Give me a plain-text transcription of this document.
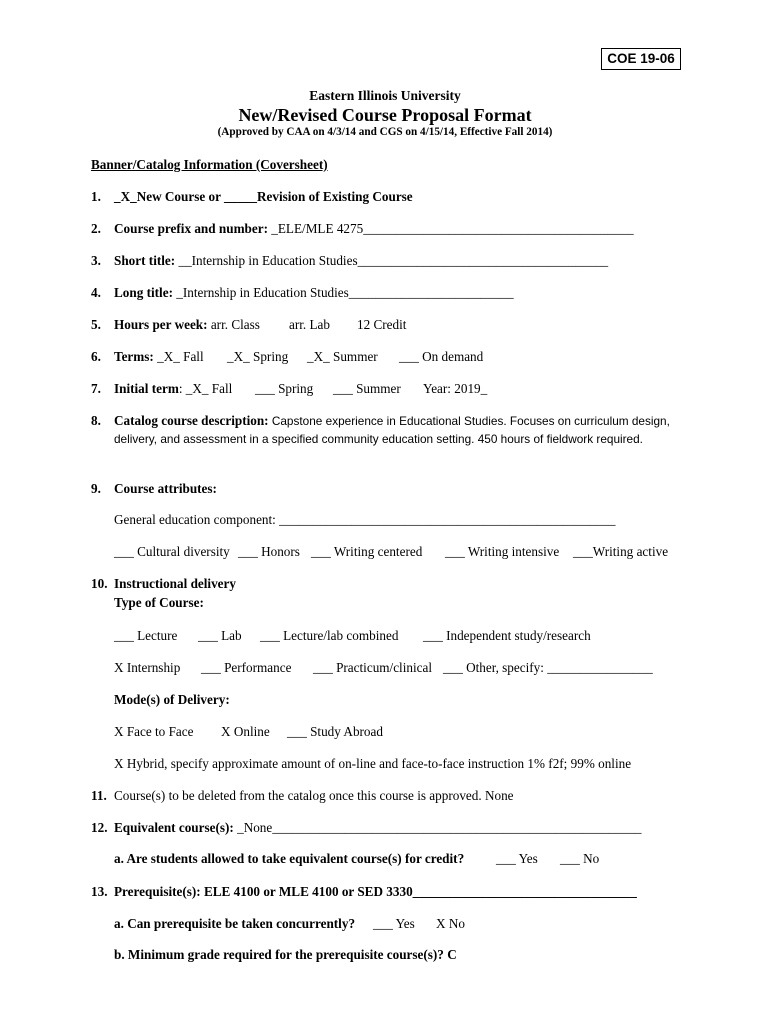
COE 19-06
Eastern Illinois University
New/Revised Course Proposal Format
(Approved by CAA on 4/3/14 and CGS on 4/15/14, Effective Fall 2014)
Banner/Catalog Information (Coversheet)
1. _X_New Course or _____Revision of Existing Course
2. Course prefix and number: _ELE/MLE 4275_________________________________________
3. Short title: __Internship in Education Studies______________________________________
4. Long title: _Internship in Education Studies_________________________
5. Hours per week: arr. Class arr. Lab 12 Credit
6. Terms: _X_ Fall _X_ Spring _X_ Summer ___ On demand
7. Initial term: _X_ Fall ___ Spring ___ Summer Year: 2019_
8. Catalog course description: Capstone experience in Educational Studies. Focuses on curriculum design, delivery, and assessment in a specified community education setting. 450 hours of fieldwork required.
9. Course attributes:
General education component: ___________________________________________________
___ Cultural diversity ___ Honors ___ Writing centered ___ Writing intensive ___Writing active
10. Instructional delivery
Type of Course:
___ Lecture ___ Lab ___ Lecture/lab combined ___ Independent study/research
X Internship ___ Performance ___ Practicum/clinical ___ Other, specify: ________________
Mode(s) of Delivery:
X Face to Face X Online ___ Study Abroad
X Hybrid, specify approximate amount of on-line and face-to-face instruction 1% f2f; 99% online
11. Course(s) to be deleted from the catalog once this course is approved. None
12. Equivalent course(s): _None________________________________________________________
a. Are students allowed to take equivalent course(s) for credit? ___ Yes ___ No
13. Prerequisite(s): ELE 4100 or MLE 4100 or SED 3330__________________________________
a. Can prerequisite be taken concurrently? ___ Yes X No
b. Minimum grade required for the prerequisite course(s)? C
